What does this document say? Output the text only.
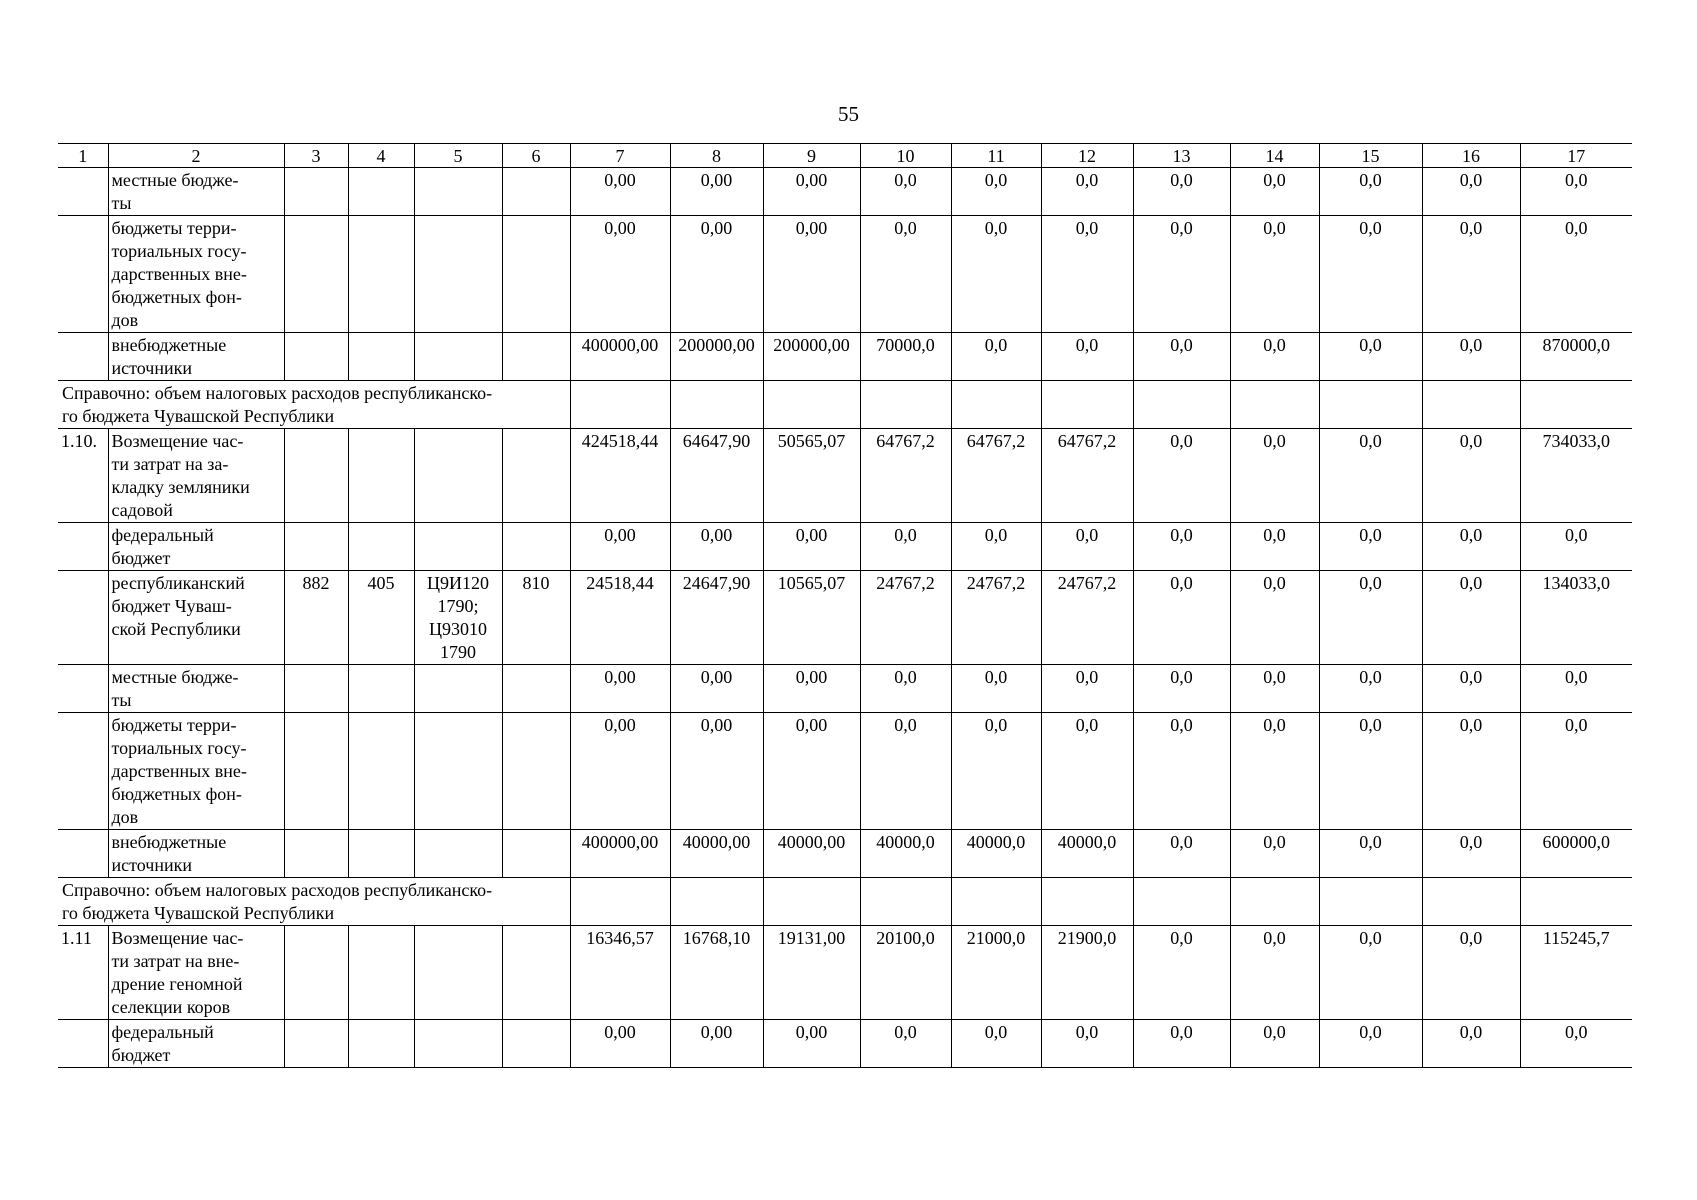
55
1	2	3	4	5	6	7	8	9	10	11	12	13	14	15	16	17
	местные бюдже-
ты					0,00	0,00	0,00	0,0	0,0	0,0	0,0	0,0	0,0	0,0	0,0
	бюджеты терри-
ториальных госу-
дарственных вне-
бюджетных фон-
дов					0,00	0,00	0,00	0,0	0,0	0,0	0,0	0,0	0,0	0,0	0,0
	внебюджетные
источники					400000,00	200000,00	200000,00	70000,0	0,0	0,0	0,0	0,0	0,0	0,0	870000,0
Справочно: объем налоговых расходов республиканско-
го бюджета Чувашской Республики																
1.10.	Возмещение час-
ти затрат на за-
кладку земляники
садовой					424518,44	64647,90	50565,07	64767,2	64767,2	64767,2	0,0	0,0	0,0	0,0	734033,0
	федеральный
бюджет					0,00	0,00	0,00	0,0	0,0	0,0	0,0	0,0	0,0	0,0	0,0
	республиканский
бюджет Чуваш-
ской Республики	882	405	Ц9И120
1790;
Ц93010
1790	810	24518,44	24647,90	10565,07	24767,2	24767,2	24767,2	0,0	0,0	0,0	0,0	134033,0
	местные бюдже-
ты					0,00	0,00	0,00	0,0	0,0	0,0	0,0	0,0	0,0	0,0	0,0
	бюджеты терри-
ториальных госу-
дарственных вне-
бюджетных фон-
дов					0,00	0,00	0,00	0,0	0,0	0,0	0,0	0,0	0,0	0,0	0,0
	внебюджетные
источники					400000,00	40000,00	40000,00	40000,0	40000,0	40000,0	0,0	0,0	0,0	0,0	600000,0
Справочно: объем налоговых расходов республиканско-
го бюджета Чувашской Республики																
1.11	Возмещение час-
ти затрат на вне-
дрение геномной
селекции коров					16346,57	16768,10	19131,00	20100,0	21000,0	21900,0	0,0	0,0	0,0	0,0	115245,7
	федеральный
бюджет					0,00	0,00	0,00	0,0	0,0	0,0	0,0	0,0	0,0	0,0	0,0
